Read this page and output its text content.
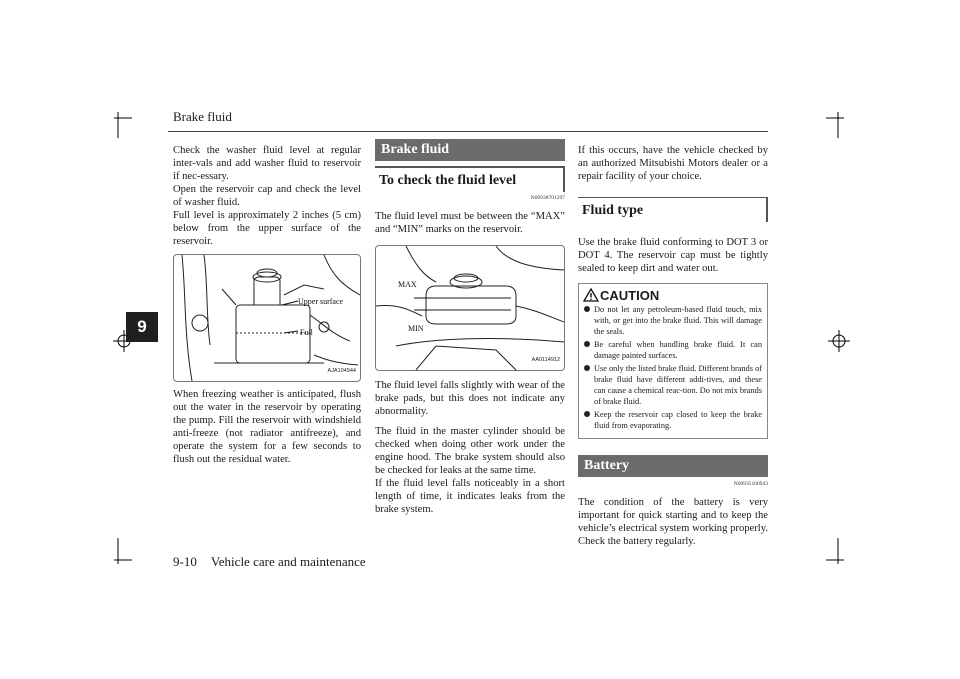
Brake fluid
9

Check the washer fluid level at regular inter-vals and add washer fluid to reservoir if nec-essary.

Open the reservoir cap and check the level of washer fluid.

Full level is approximately 2 inches (5 cm) below from the upper surface of the reservoir.

Upper surface
Full
AJA104944

When freezing weather is anticipated, flush out the water in the reservoir by operating the pump. Fill the reservoir with windshield anti-freeze (not radiator antifreeze), and operate the system for a few seconds to flush out the residual water.

Brake fluid
To check the fluid level
N00938701297

The fluid level must be between the “MAX” and “MIN” marks on the reservoir.

MAX
MIN
AA0114912

The fluid level falls slightly with wear of the brake pads, but this does not indicate any abnormality.

The fluid in the master cylinder should be checked when doing other work under the engine hood. The brake system should also be checked for leaks at the same time.

If the fluid level falls noticeably in a short length of time, it indicates leaks from the brake system.

If this occurs, have the vehicle checked by an authorized Mitsubishi Motors dealer or a repair facility of your choice.

Fluid type

Use the brake fluid conforming to DOT 3 or DOT 4. The reservoir cap must be tightly sealed to keep dirt and water out.

CAUTION
Do not let any petroleum-based fluid touch, mix with, or get into the brake fluid. This will damage the seals.
Be careful when handling brake fluid. It can damage painted surfaces.
Use only the listed brake fluid. Different brands of brake fluid have different addi-tives, and these can cause a chemical reac-tion. Do not mix brands of brake fluid.
Keep the reservoir cap closed to keep the brake fluid from evaporating.
Battery
N00935100943

The condition of the battery is very important for quick starting and to keep the vehicle’s electrical system working properly. Check the battery regularly.

9-10 Vehicle care and maintenance
